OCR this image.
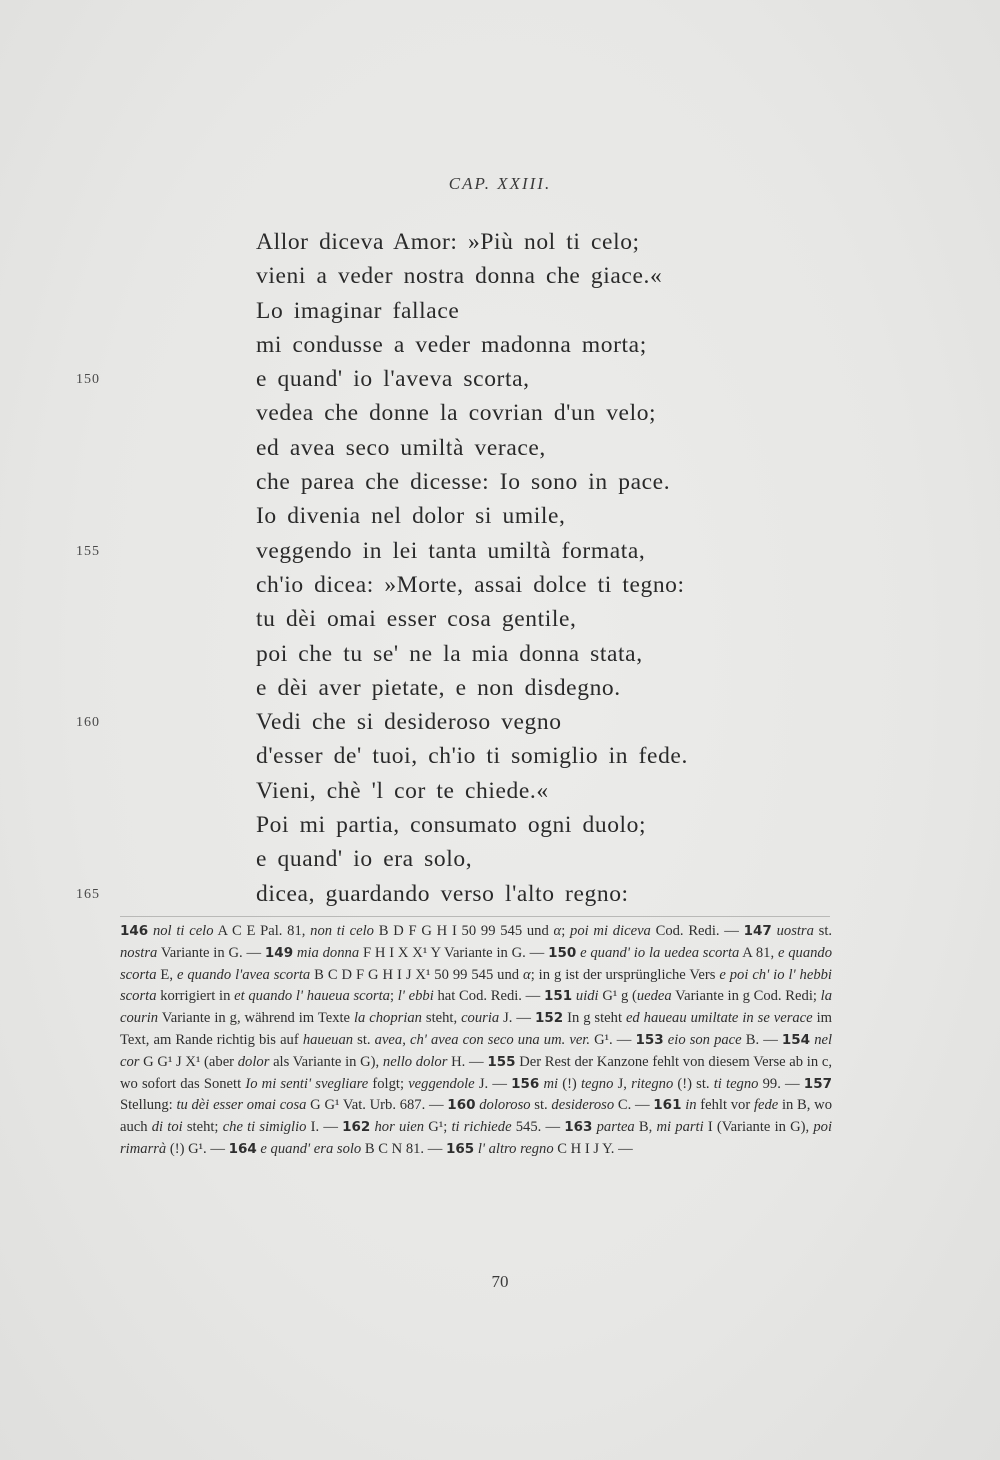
CAP. XXIII.
Allor diceva Amor: »Più nol ti celo;
vieni a veder nostra donna che giace.«
Lo imaginar fallace
mi condusse a veder madonna morta;
e quand' io l'aveva scorta,
vedea che donne la covrian d'un velo;
ed avea seco umiltà verace,
che parea che dicesse: Io sono in pace.
Io divenia nel dolor si umile,
veggendo in lei tanta umiltà formata,
ch'io dicea: »Morte, assai dolce ti tegno:
tu dèi omai esser cosa gentile,
poi che tu se' ne la mia donna stata,
e dèi aver pietate, e non disdegno.
Vedi che si desideroso vegno
d'esser de' tuoi, ch'io ti somiglio in fede.
Vieni, chè 'l cor te chiede.«
Poi mi partia, consumato ogni duolo;
e quand' io era solo,
dicea, guardando verso l'alto regno:
150
155
160
165
146 nol ti celo A C E Pal. 81, non ti celo B D F G H I 50 99 545 und α; poi mi diceva Cod. Redi. — 147 uostra st. nostra Variante in G. — 149 mia donna F H I X X¹ Y Variante in G. — 150 e quand' io la uedea scorta A 81, e quando scorta E, e quando l'avea scorta B C D F G H I J X¹ 50 99 545 und α; in g ist der ursprüngliche Vers e poi ch' io l' hebbi scorta korrigiert in et quando l' haueua scorta; l' ebbi hat Cod. Redi. — 151 uidi G¹ g (uedea Variante in g Cod. Redi; la courin Variante in g, während im Texte la choprian steht, couria J. — 152 In g steht ed haueau umiltate in se verace im Text, am Rande richtig bis auf haueuan st. avea, ch' avea con seco una um. ver. G¹. — 153 eio son pace B. — 154 nel cor G G¹ J X¹ (aber dolor als Variante in G), nello dolor H. — 155 Der Rest der Kanzone fehlt von diesem Verse ab in c, wo sofort das Sonett Io mi senti' svegliare folgt; veggendole J. — 156 mi (!) tegno J, ritegno (!) st. ti tegno 99. — 157 Stellung: tu dèi esser omai cosa G G¹ Vat. Urb. 687. — 160 doloroso st. desideroso C. — 161 in fehlt vor fede in B, wo auch di toi steht; che ti simiglio I. — 162 hor uien G¹; ti richiede 545. — 163 partea B, mi parti I (Variante in G), poi rimarrà (!) G¹. — 164 e quand' era solo B C N 81. — 165 l' altro regno C H I J Y. —
70
